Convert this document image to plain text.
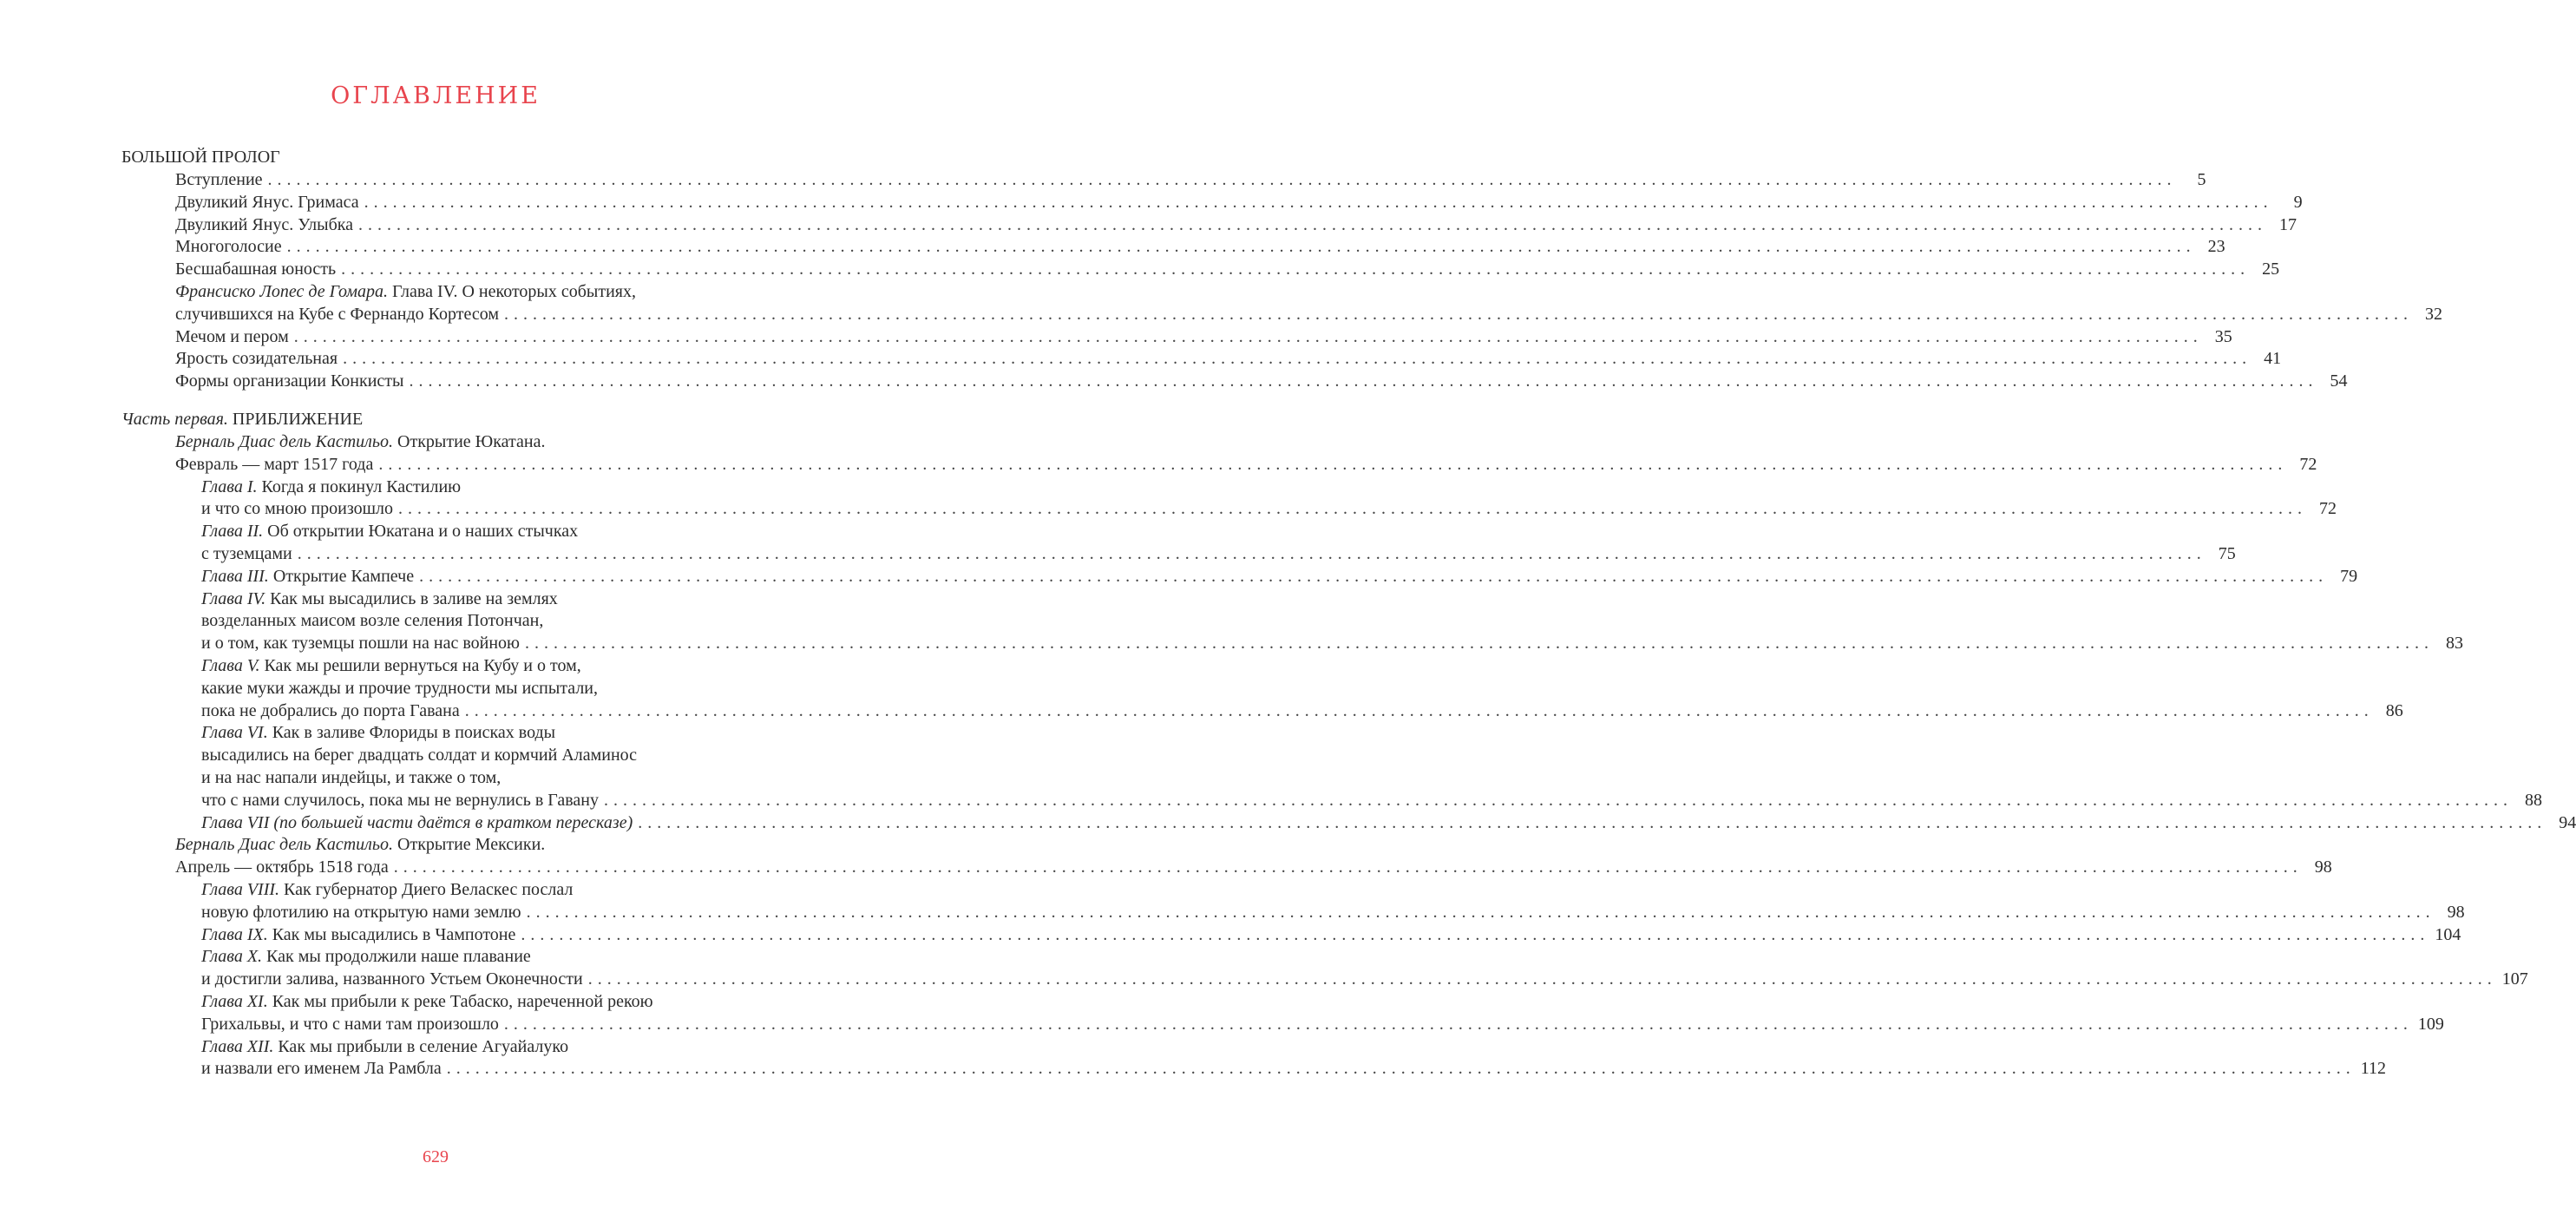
оглавление
БОЛЬШОЙ ПРОЛОГ
Вступление ........................................................................................................................................................................................................	5
Двуликий Янус. Гримаса ........................................................................................................................................................................................................	9
Двуликий Янус. Улыбка ........................................................................................................................................................................................................ 17
Многоголосие ........................................................................................................................................................................................................ 23
Бесшабашная юность ........................................................................................................................................................................................................ 25
Франсиско Лопес де Гомара. Глава IV. О некоторых событиях,
случившихся на Кубе с Фернандо Кортесом ........................................................................................................................................................................................................ 32
Мечом и пером ........................................................................................................................................................................................................ 35
Ярость созидательная ........................................................................................................................................................................................................ 41
Формы организации Конкисты ........................................................................................................................................................................................................ 54
Часть первая. ПРИБЛИЖЕНИЕ
Берналь Диас дель Кастильо. Открытие Юкатана.
Февраль — март 1517 года ........................................................................................................................................................................................................ 72
Глава I. Когда я покинул Кастилию
и что со мною произошло ........................................................................................................................................................................................................ 72
Глава II. Об открытии Юкатана и о наших стычках
с туземцами ........................................................................................................................................................................................................ 75
Глава III. Открытие Кампече ........................................................................................................................................................................................................ 79
Глава IV. Как мы высадились в заливе на землях
возделанных маисом возле селения Потончан,
и о том, как туземцы пошли на нас войною ........................................................................................................................................................................................................ 83
Глава V. Как мы решили вернуться на Кубу и о том,
какие муки жажды и прочие трудности мы испытали,
пока не добрались до порта Гавана ........................................................................................................................................................................................................ 86
Глава VI. Как в заливе Флориды в поисках воды
высадились на берег двадцать солдат и кормчий Аламинос
и на нас напали индейцы, и также о том,
что с нами случилось, пока мы не вернулись в Гавану ........................................................................................................................................................................................................ 88
Глава VII (по большей части даётся в кратком пересказе) ........................................................................................................................................................................................................ 94
Берналь Диас дель Кастильо. Открытие Мексики.
Апрель — октябрь 1518 года ........................................................................................................................................................................................................ 98
Глава VIII. Как губернатор Диего Веласкес послал
новую флотилию на открытую нами землю ........................................................................................................................................................................................................ 98
Глава IX. Как мы высадились в Чампотоне ........................................................................................................................................................................................................ 104
Глава X. Как мы продолжили наше плавание
и достигли залива, названного Устьем Оконечности ........................................................................................................................................................................................................ 107
Глава XI. Как мы прибыли к реке Табаско, нареченной рекою
Грихальвы, и что с нами там произошло ........................................................................................................................................................................................................ 109
Глава XII. Как мы прибыли в селение Агуайалуко
и назвали его именем Ла Рамбла ........................................................................................................................................................................................................ 112
629
